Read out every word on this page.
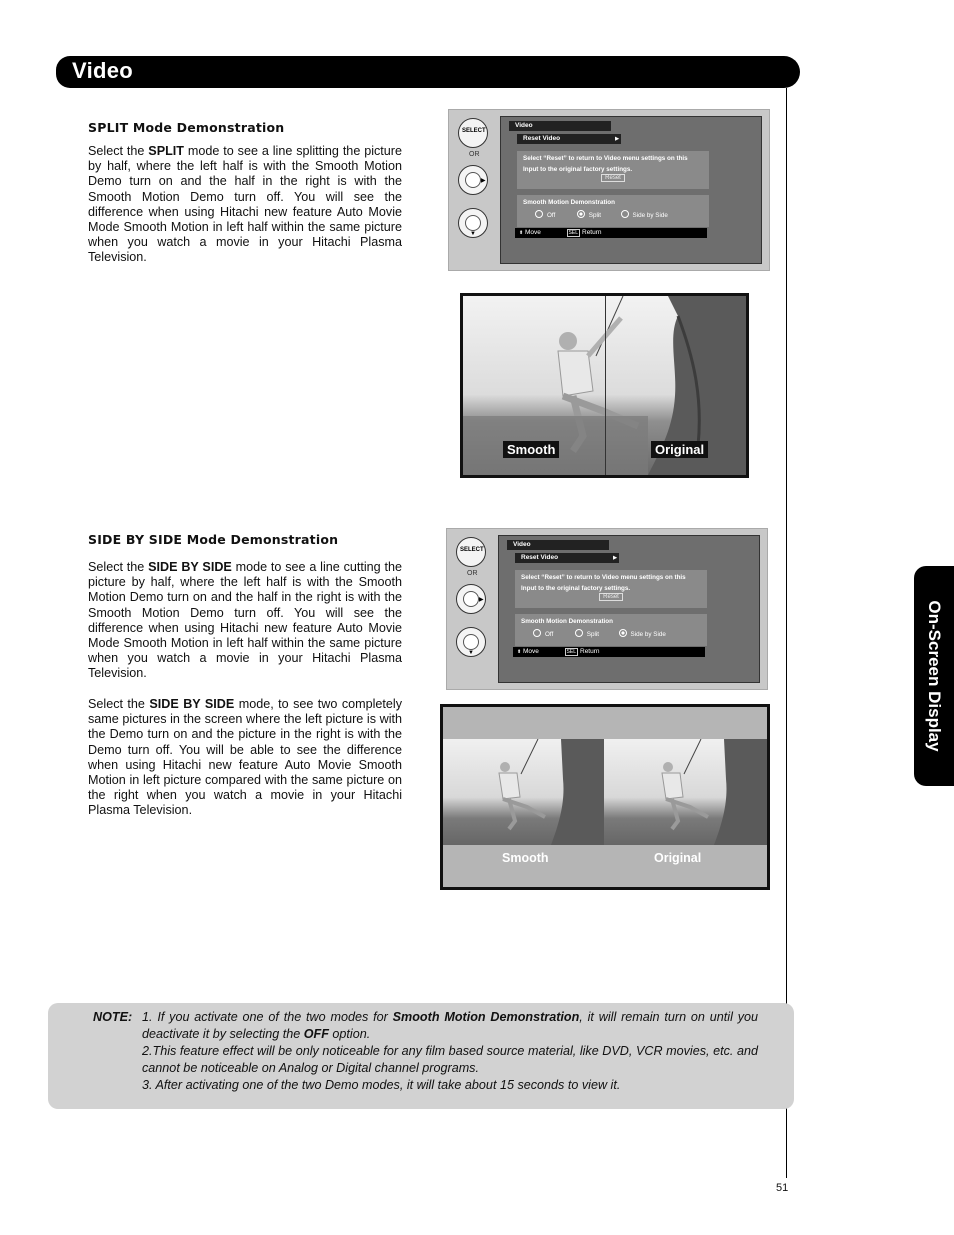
Video
On-Screen Display
SPLIT Mode Demonstration
Select the SPLIT mode to see a line splitting the picture by half, where the left half is with the Smooth Motion Demo turn on and the half in the right is with the Smooth Motion Demo turn off. You will see the difference when using Hitachi new feature Auto Movie Mode Smooth Motion in left half within the same picture when you watch a movie in your Hitachi Plasma Television.
SELECT
OR
▶
▼
Video
Reset Video	▶
Select “Reset” to return to Video menu settings on this Input to the original factory settings.
Reset
Smooth Motion Demonstration
Off	Split	Side by Side
⬍ Move	SEL Return
Smooth	Original
SIDE BY SIDE Mode Demonstration
Select the SIDE BY SIDE mode to see a line cutting the picture by half, where the left half is with the Smooth Motion Demo turn on and the half in the right is with the Smooth Motion Demo turn off. You will see the difference when using Hitachi new feature Auto Movie Mode Smooth Motion in left half within the same picture when you watch a movie in your Hitachi Plasma Television.
Select the SIDE BY SIDE mode, to see two completely same pictures in the screen where the left picture is with the Demo turn on and the picture in the right is with the Demo turn off. You will be able to see the difference when using Hitachi new feature Auto Movie Smooth Motion in left picture compared with the same picture on the right when you watch a movie in your Hitachi Plasma Television.
SELECT
OR
▶
▼
Video
Reset Video	▶
Select “Reset” to return to Video menu settings on this Input to the original factory settings.
Reset
Smooth Motion Demonstration
Off	Split	Side by Side
⬍ Move	SEL Return
Smooth	Original
NOTE: 1. If you activate one of the two modes for Smooth Motion Demonstration, it will remain turn on until you deactivate it by selecting the OFF option.
2.This feature effect will be only noticeable for any film based source material, like DVD, VCR movies, etc. and cannot be noticeable on Analog or Digital channel programs.
3. After activating one of the two Demo modes, it will take about 15 seconds to view it.
51
